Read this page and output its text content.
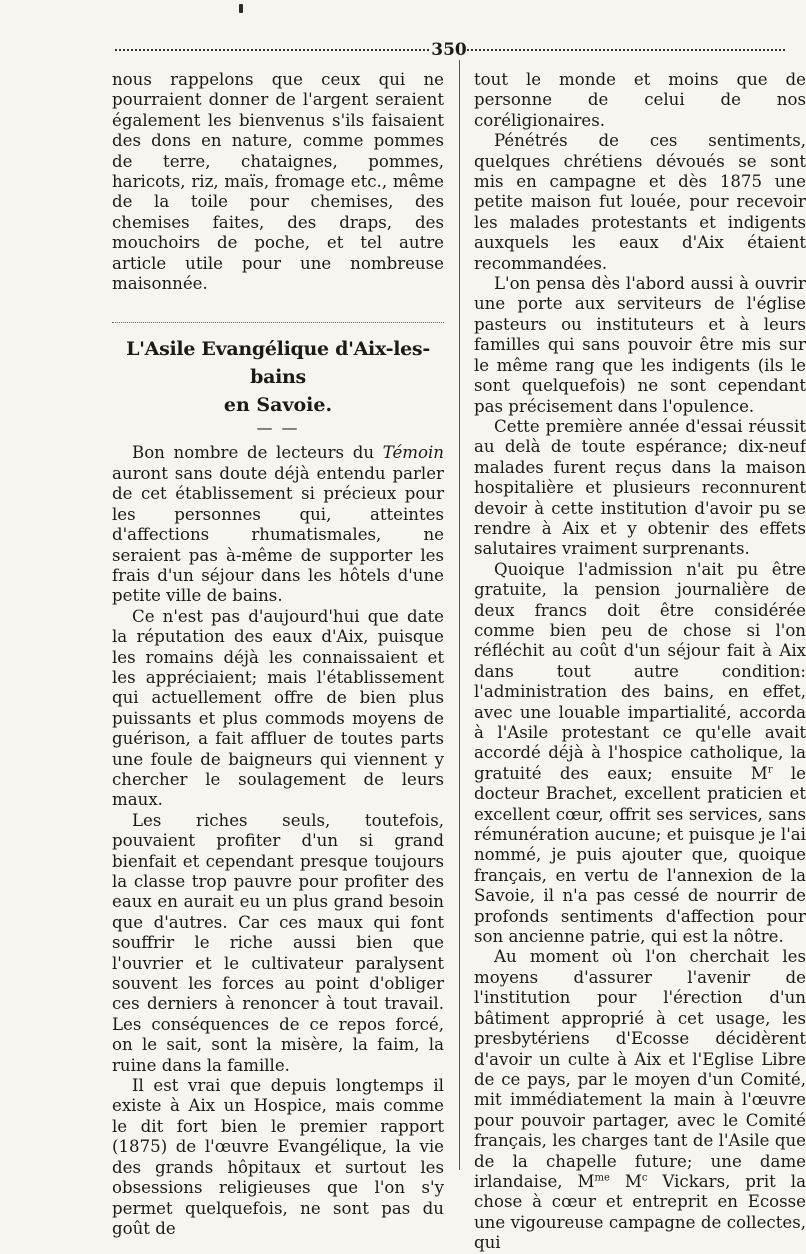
350

nous rappelons que ceux qui ne pourraient donner de l'argent seraient également les bienvenus s'ils faisaient des dons en nature, comme pommes de terre, chataignes, pommes, haricots, riz, maïs, fromage etc., même de la toile pour chemises, des chemises faites, des draps, des mouchoirs de poche, et tel autre article utile pour une nombreuse maisonnée.

L'Asile Evangélique d'Aix-les-bains
en Savoie.
— —

Bon nombre de lecteurs du Témoin auront sans doute déjà entendu parler de cet établissement si précieux pour les personnes qui, atteintes d'affections rhumatismales, ne seraient pas à-même de supporter les frais d'un séjour dans les hôtels d'une petite ville de bains.

Ce n'est pas d'aujourd'hui que date la réputation des eaux d'Aix, puisque les romains déjà les connaissaient et les appréciaient; mais l'établissement qui actuellement offre de bien plus puissants et plus commods moyens de guérison, a fait affluer de toutes parts une foule de baigneurs qui viennent y chercher le soulagement de leurs maux.

Les riches seuls, toutefois, pouvaient profiter d'un si grand bienfait et cependant presque toujours la classe trop pauvre pour profiter des eaux en aurait eu un plus grand besoin que d'autres. Car ces maux qui font souffrir le riche aussi bien que l'ouvrier et le cultivateur paralysent souvent les forces au point d'obliger ces derniers à renoncer à tout travail. Les conséquences de ce repos forcé, on le sait, sont la misère, la faim, la ruine dans la famille.

Il est vrai que depuis longtemps il existe à Aix un Hospice, mais comme le dit fort bien le premier rapport (1875) de l'œuvre Evangélique, la vie des grands hôpitaux et surtout les obsessions religieuses que l'on s'y permet quelquefois, ne sont pas du goût de

tout le monde et moins que de personne de celui de nos coréligionaires.

Pénétrés de ces sentiments, quelques chrétiens dévoués se sont mis en campagne et dès 1875 une petite maison fut louée, pour recevoir les malades protestants et indigents auxquels les eaux d'Aix étaient recommandées.

L'on pensa dès l'abord aussi à ouvrir une porte aux serviteurs de l'église pasteurs ou instituteurs et à leurs familles qui sans pouvoir être mis sur le même rang que les indigents (ils le sont quelquefois) ne sont cependant pas précisement dans l'opulence.

Cette première année d'essai réussit au delà de toute espérance; dix-neuf malades furent reçus dans la maison hospitalière et plusieurs reconnurent devoir à cette institution d'avoir pu se rendre à Aix et y obtenir des effets salutaires vraiment surprenants.

Quoique l'admission n'ait pu être gratuite, la pension journalière de deux francs doit être considérée comme bien peu de chose si l'on réfléchit au coût d'un séjour fait à Aix dans tout autre condition: l'administration des bains, en effet, avec une louable impartialité, accorda à l'Asile protestant ce qu'elle avait accordé déjà à l'hospice catholique, la gratuité des eaux; ensuite $M^r$ le docteur Brachet, excellent praticien et excellent cœur, offrit ses services, sans rémunération aucune; et puisque je l'ai nommé, je puis ajouter que, quoique français, en vertu de l'annexion de la Savoie, il n'a pas cessé de nourrir de profonds sentiments d'affection pour son ancienne patrie, qui est la nôtre.

Au moment où l'on cherchait les moyens d'assurer l'avenir de l'institution pour l'érection d'un bâtiment approprié à cet usage, les presbytériens d'Ecosse décidèrent d'avoir un culte à Aix et l'Eglise Libre de ce pays, par le moyen d'un Comité, mit immédiatement la main à l'œuvre pour pouvoir partager, avec le Comité français, les charges tant de l'Asile que de la chapelle future; une dame irlandaise, $M^{me}$ $M^c$ Vickars, prit la chose à cœur et entreprit en Ecosse une vigoureuse campagne de collectes, qui
